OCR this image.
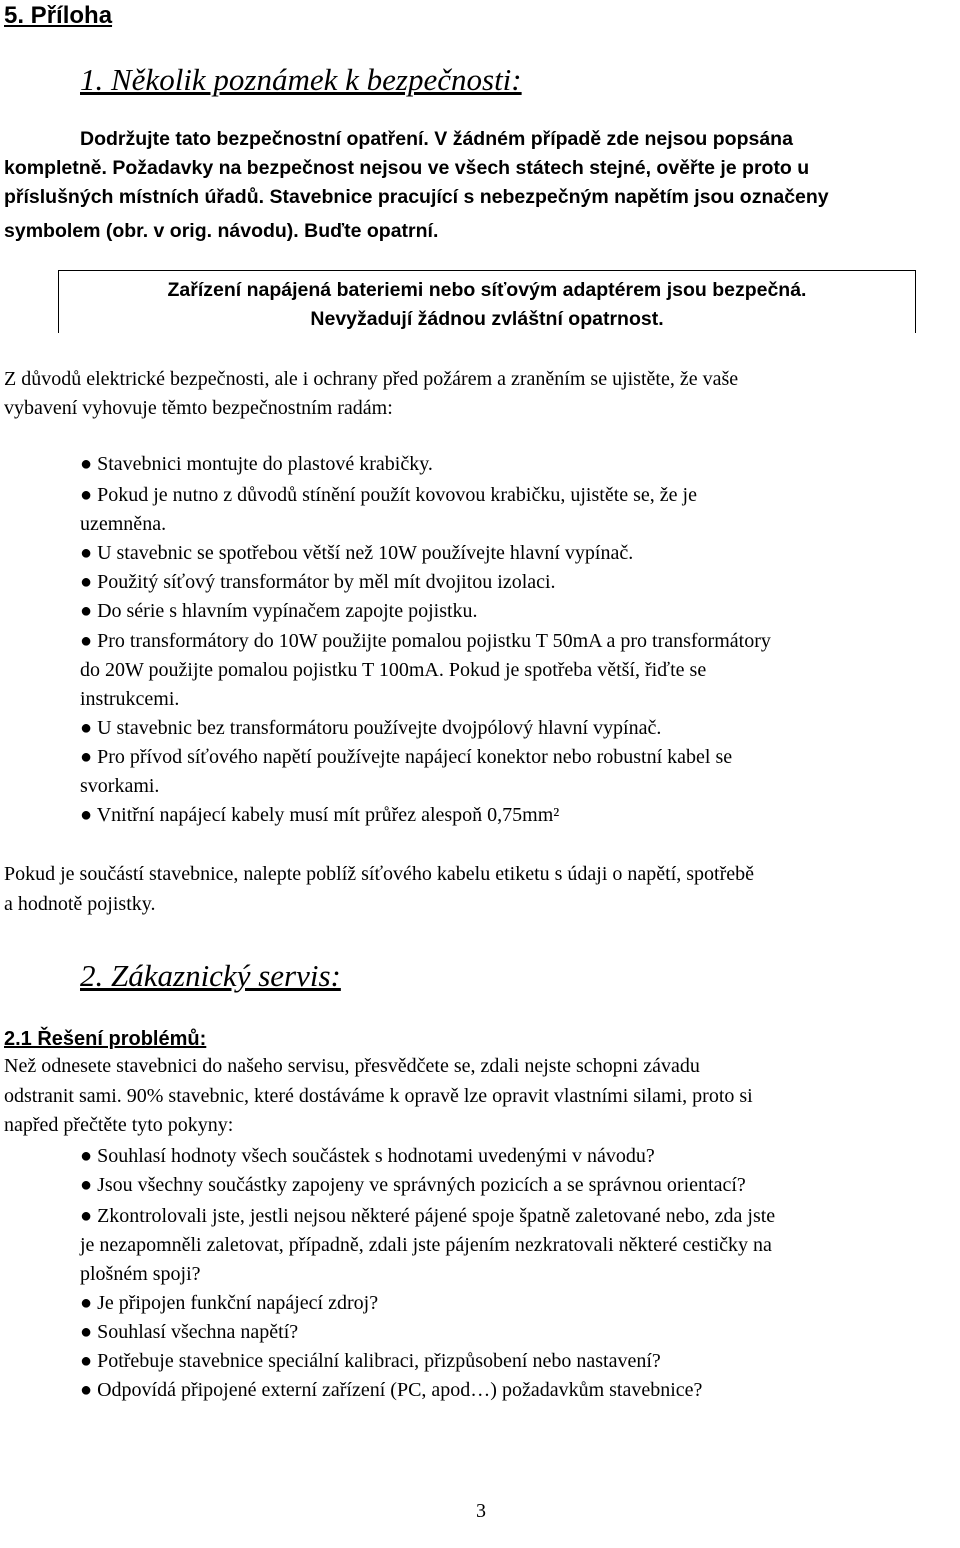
5. Příloha
1. Několik poznámek k bezpečnosti:
Dodržujte tato bezpečnostní opatření. V žádném případě zde nejsou popsána
kompletně. Požadavky na bezpečnost nejsou ve všech státech stejné, ověřte je proto u
příslušných místních úřadů. Stavebnice pracující s nebezpečným napětím jsou označeny
symbolem (obr. v orig. návodu). Buďte opatrní.
Zařízení napájená bateriemi nebo síťovým adaptérem jsou bezpečná.
Nevyžadují žádnou zvláštní opatrnost.
Z důvodů elektrické bezpečnosti, ale i ochrany před požárem a zraněním se ujistěte, že vaše
vybavení vyhovuje těmto bezpečnostním radám:
● Stavebnici montujte do plastové krabičky.
● Pokud je nutno z důvodů stínění použít kovovou krabičku, ujistěte se, že je
uzemněna.
● U stavebnic se spotřebou větší než 10W používejte hlavní vypínač.
● Použitý síťový transformátor by měl mít dvojitou izolaci.
● Do série s hlavním vypínačem zapojte pojistku.
● Pro transformátory do 10W použijte pomalou pojistku T 50mA a pro transformátory
do 20W použijte pomalou pojistku T 100mA. Pokud je spotřeba větší, řiďte se
instrukcemi.
● U stavebnic bez transformátoru používejte dvojpólový hlavní vypínač.
● Pro přívod síťového napětí používejte napájecí konektor nebo robustní kabel se
svorkami.
● Vnitřní napájecí kabely musí mít průřez alespoň 0,75mm²
Pokud je součástí stavebnice, nalepte poblíž síťového kabelu etiketu s údaji o napětí, spotřebě
a hodnotě pojistky.
2. Zákaznický servis:
2.1 Řešení problémů:
Než odnesete stavebnici do našeho servisu, přesvědčete se, zdali nejste schopni závadu
odstranit sami. 90% stavebnic, které dostáváme k opravě lze opravit vlastními silami, proto si
napřed přečtěte tyto pokyny:
● Souhlasí hodnoty všech součástek s hodnotami uvedenými v návodu?
● Jsou všechny součástky zapojeny ve správných pozicích a se správnou orientací?
● Zkontrolovali jste, jestli nejsou některé pájené spoje špatně zaletované nebo, zda jste
je nezapomněli zaletovat, případně, zdali jste pájením nezkratovali některé cestičky na
plošném spoji?
● Je připojen funkční napájecí zdroj?
● Souhlasí všechna napětí?
● Potřebuje stavebnice speciální kalibraci, přizpůsobení nebo nastavení?
● Odpovídá připojené externí zařízení (PC, apod…) požadavkům stavebnice?
3
